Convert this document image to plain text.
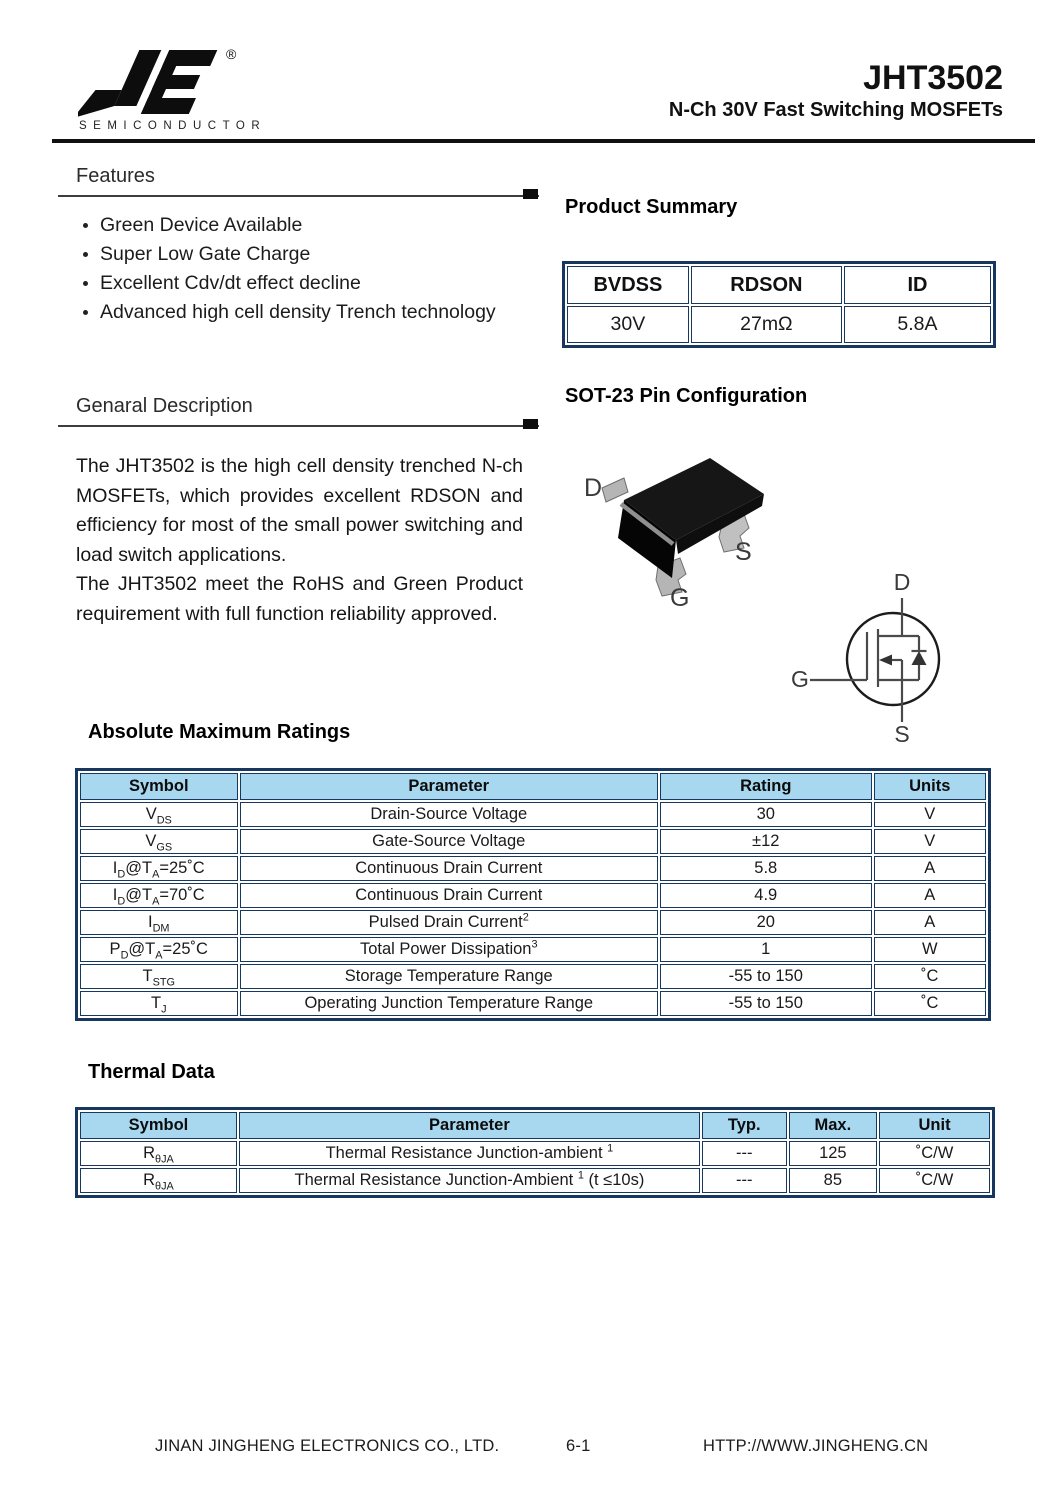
®
SEMICONDUCTOR
JHT3502
N-Ch 30V Fast Switching MOSFETs
Features
Green Device Available
Super Low Gate Charge
Excellent Cdv/dt effect decline
Advanced high cell density Trench technology
Genaral Description

The JHT3502 is the high cell density trenched N-ch MOSFETs, which provides excellent RDSON and efficiency for most of the small power switching and load switch applications.

The JHT3502 meet the RoHS and Green Product requirement with full function reliability approved.

Product Summary
BVDSS	RDSON	ID
30V	27mΩ	5.8A
SOT-23 Pin Configuration
D
S
G
D
G
S
Absolute Maximum Ratings
Symbol	Parameter	Rating	Units
$V_{DS}$	Drain-Source Voltage	30	V
$V_{GS}$	Gate-Source Voltage	±12	V
$I_D@T_A=25˚C$	Continuous Drain Current	5.8	A
$I_D@T_A=70˚C$	Continuous Drain Current	4.9	A
$I_{DM}$	Pulsed Drain Current$^2$	20	A
$P_D@T_A=25˚C$	Total Power Dissipation$^3$	1	W
$T_{STG}$	Storage Temperature Range	-55 to 150	˚C
$T_J$	Operating Junction Temperature Range	-55 to 150	˚C
Thermal Data
Symbol	Parameter	Typ.	Max.	Unit
$R_{\theta JA}$	Thermal Resistance Junction-ambient $^1$	---	125	˚C/W
$R_{\theta JA}$	Thermal Resistance Junction-Ambient $^1$ (t ≤10s)	---	85	˚C/W
JINAN JINGHENG ELECTRONICS CO., LTD.	6-1	HTTP://WWW.JINGHENG.CN
